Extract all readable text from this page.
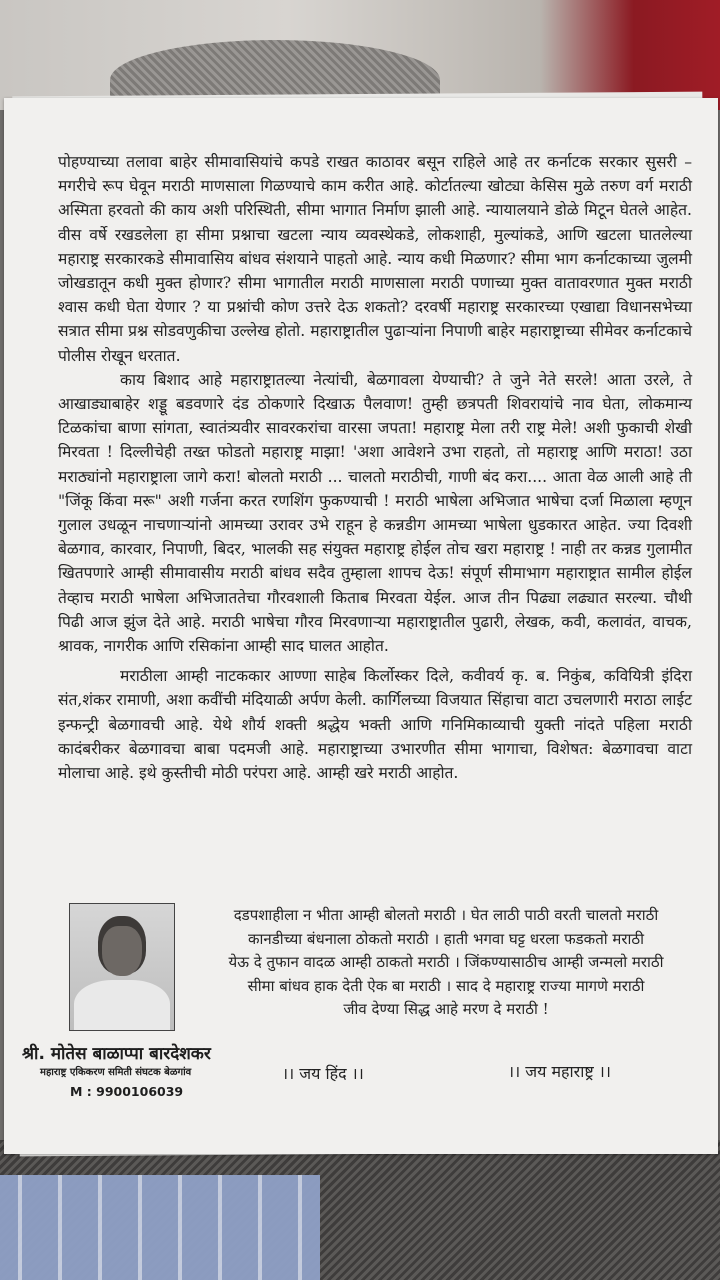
पोहण्याच्या तलावा बाहेर सीमावासियांचे कपडे राखत काठावर बसून राहिले आहे तर कर्नाटक सरकार सुसरी –मगरीचे रूप घेवून मराठी माणसाला गिळण्याचे काम करीत आहे. कोर्टातल्या खोट्या केसिस मुळे तरुण वर्ग मराठी अस्मिता हरवतो की काय अशी परिस्थिती, सीमा भागात निर्माण झाली आहे. न्यायालयाने डोळे मिटून घेतले आहेत. वीस वर्षे रखडलेला हा सीमा प्रश्नाचा खटला न्याय व्यवस्थेकडे, लोकशाही, मुल्यांकडे, आणि खटला घातलेल्या महाराष्ट्र सरकारकडे सीमावासिय बांधव संशयाने पाहतो आहे. न्याय कधी मिळणार? सीमा भाग कर्नाटकाच्या जुलमी जोखडातून कधी मुक्त होणार? सीमा भागातील मराठी माणसाला मराठी पणाच्या मुक्त वातावरणात मुक्त मराठी श्वास कधी घेता येणार ? या प्रश्नांची कोण उत्तरे देऊ शकतो? दरवर्षी महाराष्ट्र सरकारच्या एखाद्या विधानसभेच्या सत्रात सीमा प्रश्न सोडवणुकीचा उल्लेख होतो. महाराष्ट्रातील पुढाऱ्यांना निपाणी बाहेर महाराष्ट्राच्या सीमेवर कर्नाटकाचे पोलीस रोखून धरतात.

काय बिशाद आहे महाराष्ट्रातल्या नेत्यांची, बेळगावला येण्याची? ते जुने नेते सरले! आता उरले, ते आखाड्याबाहेर शड्डू बडवणारे दंड ठोकणारे दिखाऊ पैलवाण! तुम्ही छत्रपती शिवरायांचे नाव घेता, लोकमान्य टिळकांचा बाणा सांगता, स्वातंत्र्यवीर सावरकरांचा वारसा जपता! महाराष्ट्र मेला तरी राष्ट्र मेले! अशी फुकाची शेखी मिरवता ! दिल्लीचेही तख्त फोडतो महाराष्ट्र माझा! 'अशा आवेशने उभा राहतो, तो महाराष्ट्र आणि मराठा! उठा मराठ्यांनो महाराष्ट्राला जागे करा! बोलतो मराठी ... चालतो मराठीची, गाणी बंद करा.... आता वेळ आली आहे ती "जिंकू किंवा मरू" अशी गर्जना करत रणशिंग फुकण्याची ! मराठी भाषेला अभिजात भाषेचा दर्जा मिळाला म्हणून गुलाल उधळून नाचणाऱ्यांनो आमच्या उरावर उभे राहून हे कन्नडीग आमच्या भाषेला धुडकारत आहेत. ज्या दिवशी बेळगाव, कारवार, निपाणी, बिदर, भालकी सह संयुक्त महाराष्ट्र होईल तोच खरा महाराष्ट्र ! नाही तर कन्नड गुलामीत खितपणारे आम्ही सीमावासीय मराठी बांधव सदैव तुम्हाला शापच देऊ! संपूर्ण सीमाभाग महाराष्ट्रात सामील होईल तेव्हाच मराठी भाषेला अभिजाततेचा गौरवशाली किताब मिरवता येईल. आज तीन पिढ्या लढ्यात सरल्या. चौथी पिढी आज झुंज देते आहे. मराठी भाषेचा गौरव मिरवणाऱ्या महाराष्ट्रातील पुढारी, लेखक, कवी, कलावंत, वाचक, श्रावक, नागरीक आणि रसिकांना आम्ही साद घालत आहोत.

मराठीला आम्ही नाटककार आण्णा साहेब किर्लोस्कर दिले, कवीवर्य कृ. ब. निकुंब, कवियित्री इंदिरा संत,शंकर रामाणी, अशा कवींची मंदियाळी अर्पण केली. कार्गिलच्या विजयात सिंहाचा वाटा उचलणारी मराठा लाईट इन्फन्ट्री बेळगावची आहे. येथे शौर्य शक्ती श्रद्धेय भक्ती आणि गनिमिकाव्याची युक्ती नांदते पहिला मराठी कादंबरीकर बेळगावचा बाबा पदमजी आहे. महाराष्ट्राच्या उभारणीत सीमा भागाचा, विशेषत: बेळगावचा वाटा मोलाचा आहे. इथे कुस्तीची मोठी परंपरा आहे. आम्ही खरे मराठी आहोत.

दडपशाहीला न भीता आम्ही बोलतो मराठी । घेत लाठी पाठी वरती चालतो मराठी
कानडीच्या बंधनाला ठोकतो मराठी । हाती भगवा घट्ट धरला फडकतो मराठी
येऊ दे तुफान वादळ आम्ही ठाकतो मराठी । जिंकण्यासाठीच आम्ही जन्मलो मराठी
सीमा बांधव हाक देती ऐक बा मराठी । साद दे महाराष्ट्र राज्या मागणे मराठी
जीव देण्या सिद्ध आहे मरण दे मराठी !
श्री. मोतेस बाळाप्पा बारदेशकर
महाराष्ट्र एकिकरण समिती संघटक बेळगांव
M : 9900106039
।। जय हिंद ।।	।। जय महाराष्ट्र ।।
